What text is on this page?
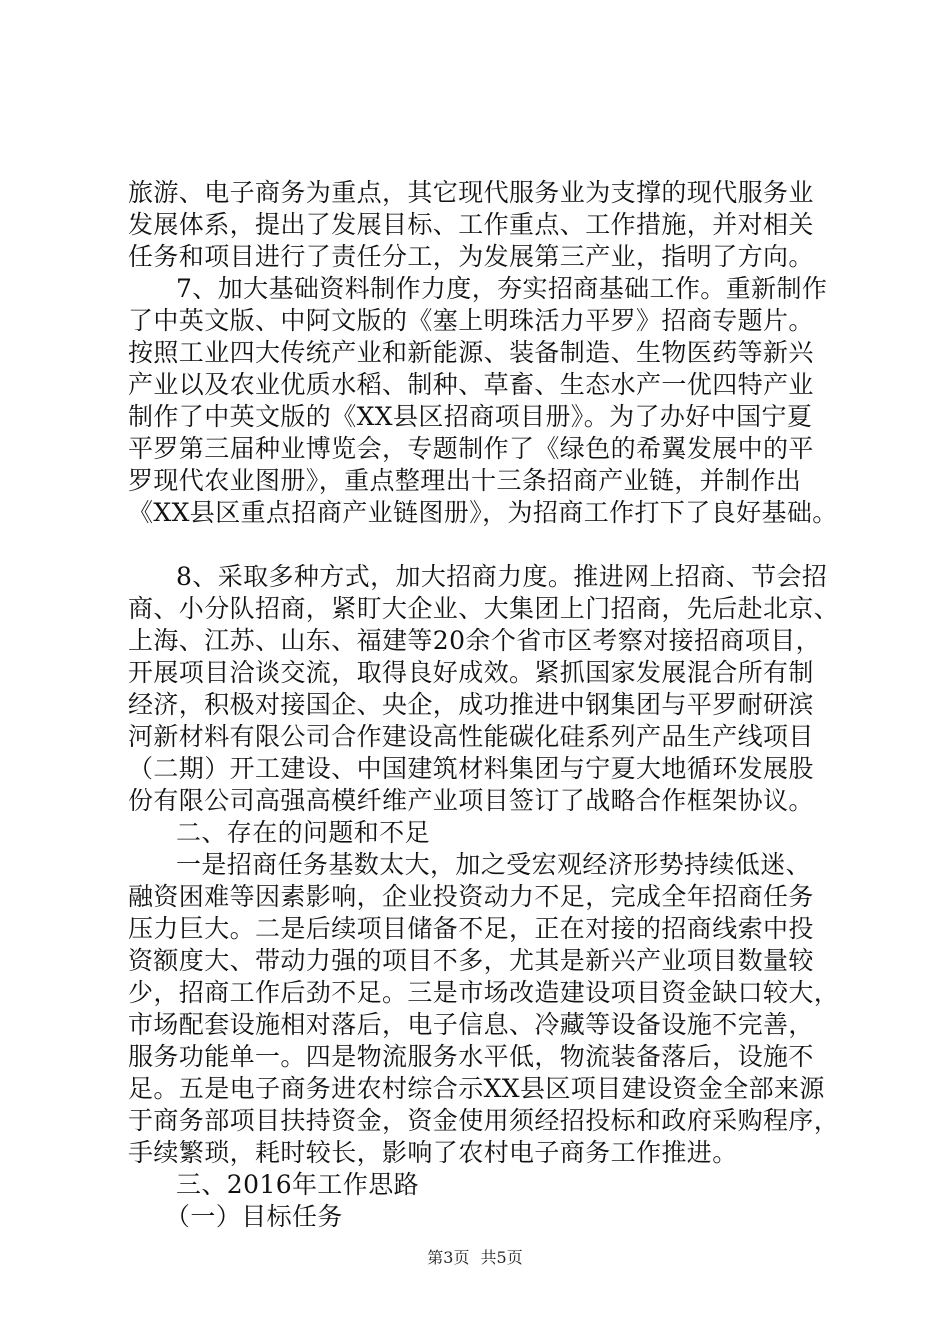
旅游、电子商务为重点，其它现代服务业为支撑的现代服务业
发展体系，提出了发展目标、工作重点、工作措施，并对相关
任务和项目进行了责任分工，为发展第三产业，指明了方向。
7、加大基础资料制作力度，夯实招商基础工作。重新制作
了中英文版、中阿文版的《塞上明珠活力平罗》招商专题片。
按照工业四大传统产业和新能源、装备制造、生物医药等新兴
产业以及农业优质水稻、制种、草畜、生态水产一优四特产业
制作了中英文版的《XX县区招商项目册》。为了办好中国宁夏
平罗第三届种业博览会，专题制作了《绿色的希翼发展中的平
罗现代农业图册》，重点整理出十三条招商产业链，并制作出
《XX县区重点招商产业链图册》，为招商工作打下了良好基础。
8、采取多种方式，加大招商力度。推进网上招商、节会招
商、小分队招商，紧盯大企业、大集团上门招商，先后赴北京、
上海、江苏、山东、福建等20余个省市区考察对接招商项目，
开展项目洽谈交流，取得良好成效。紧抓国家发展混合所有制
经济，积极对接国企、央企，成功推进中钢集团与平罗耐研滨
河新材料有限公司合作建设高性能碳化硅系列产品生产线项目
（二期）开工建设、中国建筑材料集团与宁夏大地循环发展股
份有限公司高强高模纤维产业项目签订了战略合作框架协议。
二、存在的问题和不足
一是招商任务基数太大，加之受宏观经济形势持续低迷、
融资困难等因素影响，企业投资动力不足，完成全年招商任务
压力巨大。二是后续项目储备不足，正在对接的招商线索中投
资额度大、带动力强的项目不多，尤其是新兴产业项目数量较
少，招商工作后劲不足。三是市场改造建设项目资金缺口较大，
市场配套设施相对落后，电子信息、冷藏等设备设施不完善，
服务功能单一。四是物流服务水平低，物流装备落后，设施不
足。五是电子商务进农村综合示XX县区项目建设资金全部来源
于商务部项目扶持资金，资金使用须经招投标和政府采购程序，
手续繁琐，耗时较长，影响了农村电子商务工作推进。
三、2016年工作思路
（一）目标任务
第3页 共5页
